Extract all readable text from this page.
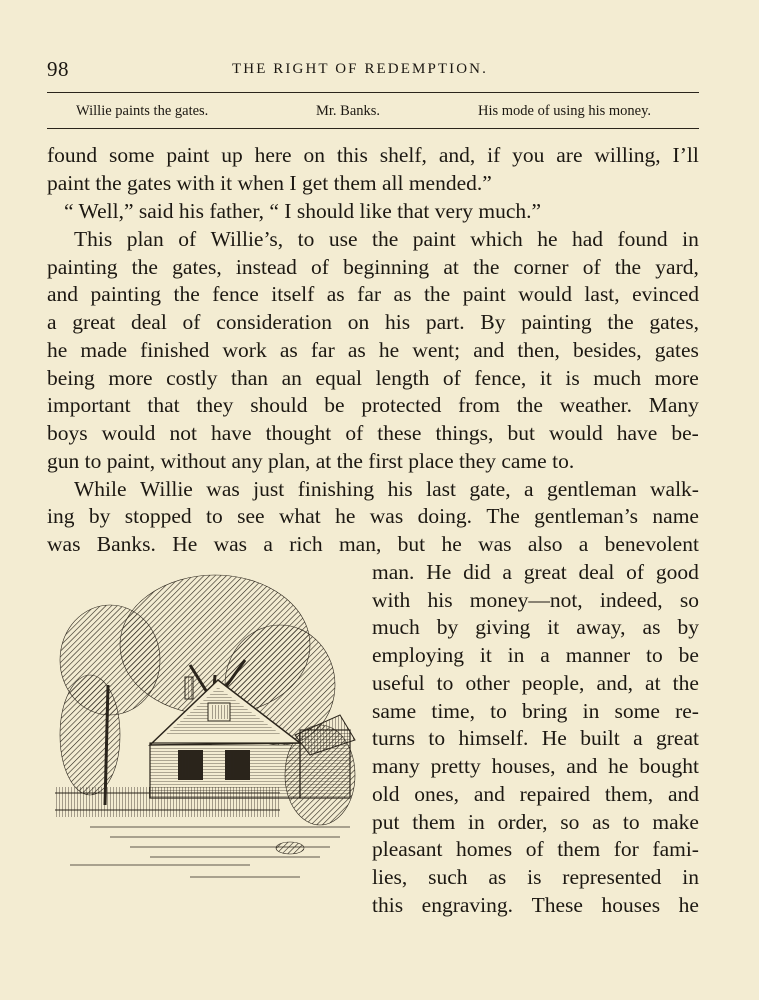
98	THE RIGHT OF REDEMPTION.
Willie paints the gates.	Mr. Banks.	His mode of using his money.
found some paint up here on this shelf, and, if you are willing, I’ll
paint the gates with it when I get them all mended.”
“ Well,” said his father, “ I should like that very much.”
This plan of Willie’s, to use the paint which he had found in
painting the gates, instead of beginning at the corner of the yard,
and painting the fence itself as far as the paint would last, evinced
a great deal of consideration on his part. By painting the gates,
he made finished work as far as he went; and then, besides, gates
being more costly than an equal length of fence, it is much more
important that they should be protected from the weather. Many
boys would not have thought of these things, but would have be-
gun to paint, without any plan, at the first place they came to.
While Willie was just finishing his last gate, a gentleman walk-
ing by stopped to see what he was doing. The gentleman’s name
was Banks. He was a rich man, but he was also a benevolent
man. He did a great deal of good
with his money—not, indeed, so
much by giving it away, as by
employing it in a manner to be
useful to other people, and, at the
same time, to bring in some re-
turns to himself. He built a great
many pretty houses, and he bought
old ones, and repaired them, and
put them in order, so as to make
pleasant homes of them for fami-
lies, such as is represented in
this engraving. These houses he
